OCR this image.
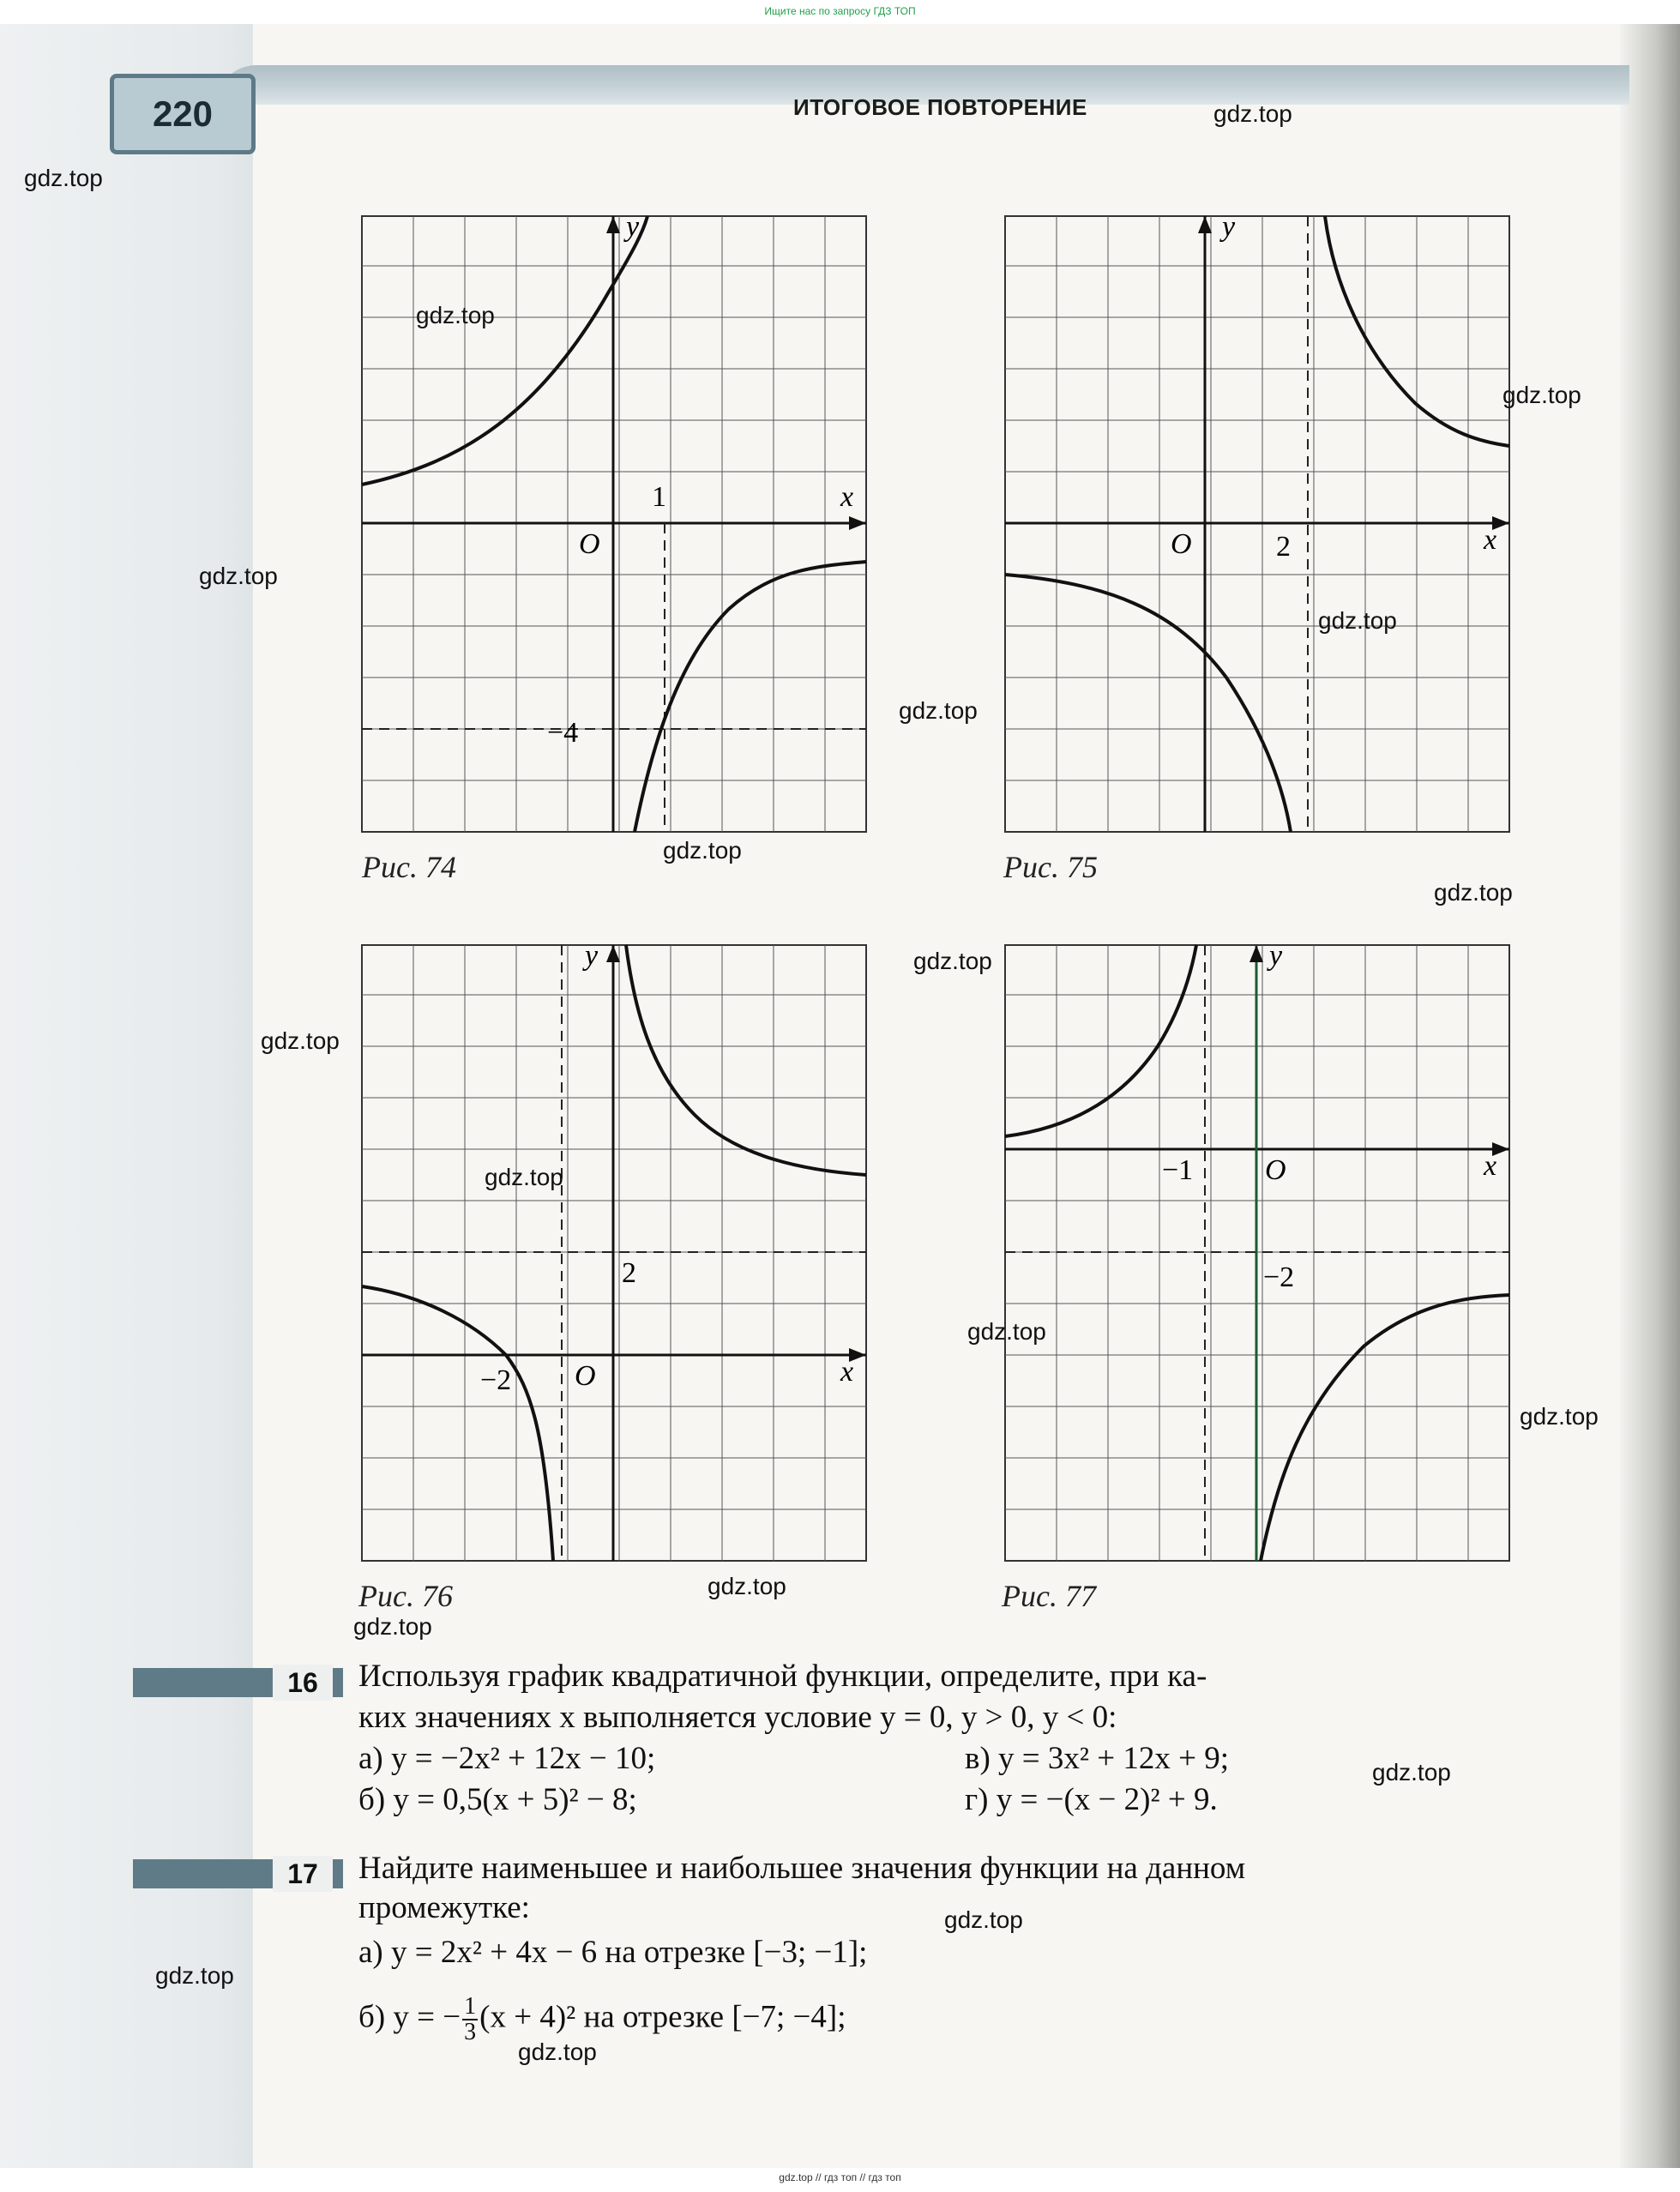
Ищите нас по запросу ГДЗ ТОП
220	ИТОГОВОЕ ПОВТОРЕНИЕ
y
x
O
1
−4
Рис. 74
y
x
O	2
Рис. 75
y
x
O
2
−2
Рис. 76
y
x
O
−1
−2
Рис. 77
16	Используя график квадратичной функции, определите, при ка-
ких значениях x выполняется условие y = 0, y > 0, y < 0:
а) y = −2x² + 12x − 10;	в) y = 3x² + 12x + 9;
б) y = 0,5(x + 5)² − 8;	г) y = −(x − 2)² + 9.
17	Найдите наименьшее и наибольшее значения функции на данном
промежутке:
а) y = 2x² + 4x − 6 на отрезке [−3; −1];
б) y = − $\frac{1}{3} (x + 4)^2$ на отрезке [−7; −4];
gdz.top
gdz.top
gdz.top
gdz.top
gdz.top
gdz.top
gdz.top
gdz.top
gdz.top
gdz.top
gdz.top
gdz.top
gdz.top
gdz.top
gdz.top
gdz.top
gdz.top
gdz.top
gdz.top
gdz.top
gdz.top // гдз топ // гдз топ
